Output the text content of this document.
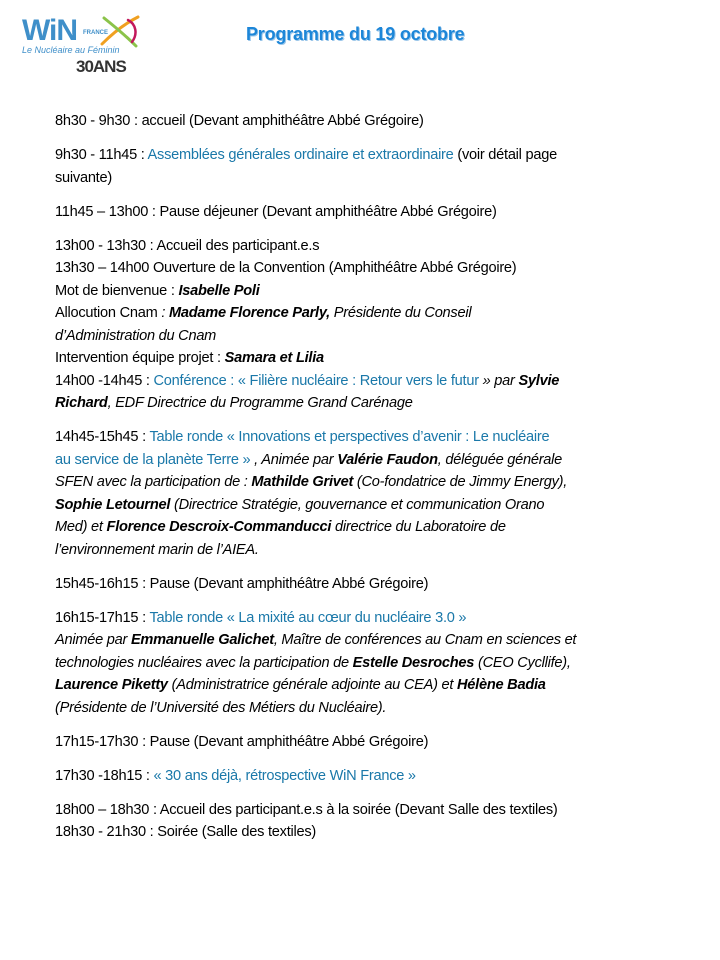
WiN FRANCE
Le Nucléaire au Féminin
30ANS
Programme du 19 octobre
8h30 - 9h30 : accueil (Devant amphithéâtre Abbé Grégoire)
9h30 - 11h45 : Assemblées générales ordinaire et extraordinaire (voir détail page
suivante)
11h45 – 13h00 : Pause déjeuner (Devant amphithéâtre Abbé Grégoire)
13h00 - 13h30 : Accueil des participant.e.s
13h30 – 14h00 Ouverture de la Convention (Amphithéâtre Abbé Grégoire)
Mot de bienvenue : Isabelle Poli
Allocution Cnam : Madame Florence Parly, Présidente du Conseil
d’Administration du Cnam
Intervention équipe projet : Samara et Lilia
14h00 -14h45 : Conférence : « Filière nucléaire : Retour vers le futur » par Sylvie
Richard, EDF Directrice du Programme Grand Carénage
14h45-15h45 : Table ronde « Innovations et perspectives d’avenir : Le nucléaire
au service de la planète Terre » , Animée par Valérie Faudon, déléguée générale
SFEN avec la participation de : Mathilde Grivet (Co-fondatrice de Jimmy Energy),
Sophie Letournel (Directrice Stratégie, gouvernance et communication Orano
Med) et Florence Descroix-Commanducci directrice du Laboratoire de
l’environnement marin de l’AIEA.
15h45-16h15 : Pause (Devant amphithéâtre Abbé Grégoire)
16h15-17h15 : Table ronde « La mixité au cœur du nucléaire 3.0 »
Animée par Emmanuelle Galichet, Maître de conférences au Cnam en sciences et
technologies nucléaires avec la participation de Estelle Desroches (CEO Cycllife),
Laurence Piketty (Administratrice générale adjointe au CEA) et Hélène Badia
(Présidente de l’Université des Métiers du Nucléaire).
17h15-17h30 : Pause (Devant amphithéâtre Abbé Grégoire)
17h30 -18h15 : « 30 ans déjà, rétrospective WiN France »
18h00 – 18h30 : Accueil des participant.e.s à la soirée (Devant Salle des textiles)
18h30 - 21h30 : Soirée (Salle des textiles)
